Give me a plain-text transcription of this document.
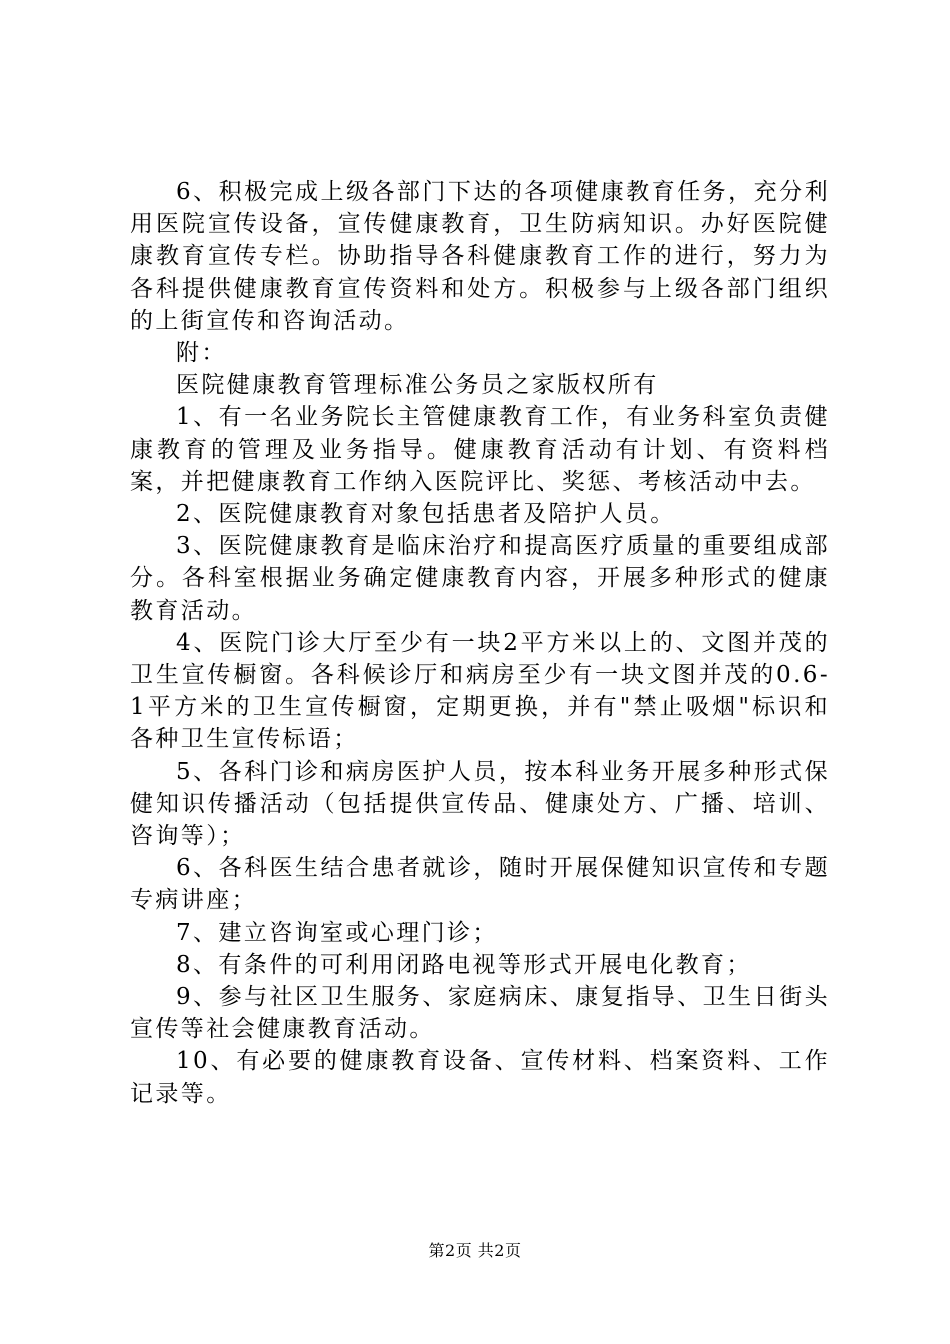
6、积极完成上级各部门下达的各项健康教育任务，充分利用医院宣传设备，宣传健康教育，卫生防病知识。办好医院健康教育宣传专栏。协助指导各科健康教育工作的进行，努力为各科提供健康教育宣传资料和处方。积极参与上级各部门组织的上街宣传和咨询活动。

附：

医院健康教育管理标准公务员之家版权所有

1、有一名业务院长主管健康教育工作，有业务科室负责健康教育的管理及业务指导。健康教育活动有计划、有资料档案，并把健康教育工作纳入医院评比、奖惩、考核活动中去。

2、医院健康教育对象包括患者及陪护人员。

3、医院健康教育是临床治疗和提高医疗质量的重要组成部分。各科室根据业务确定健康教育内容，开展多种形式的健康教育活动。

4、医院门诊大厅至少有一块2平方米以上的、文图并茂的卫生宣传橱窗。各科候诊厅和病房至少有一块文图并茂的0.6-1平方米的卫生宣传橱窗，定期更换，并有"禁止吸烟"标识和各种卫生宣传标语；

5、各科门诊和病房医护人员，按本科业务开展多种形式保健知识传播活动（包括提供宣传品、健康处方、广播、培训、咨询等）；

6、各科医生结合患者就诊，随时开展保健知识宣传和专题专病讲座；

7、建立咨询室或心理门诊；

8、有条件的可利用闭路电视等形式开展电化教育；

9、参与社区卫生服务、家庭病床、康复指导、卫生日街头宣传等社会健康教育活动。

10、有必要的健康教育设备、宣传材料、档案资料、工作记录等。

第2页 共2页
